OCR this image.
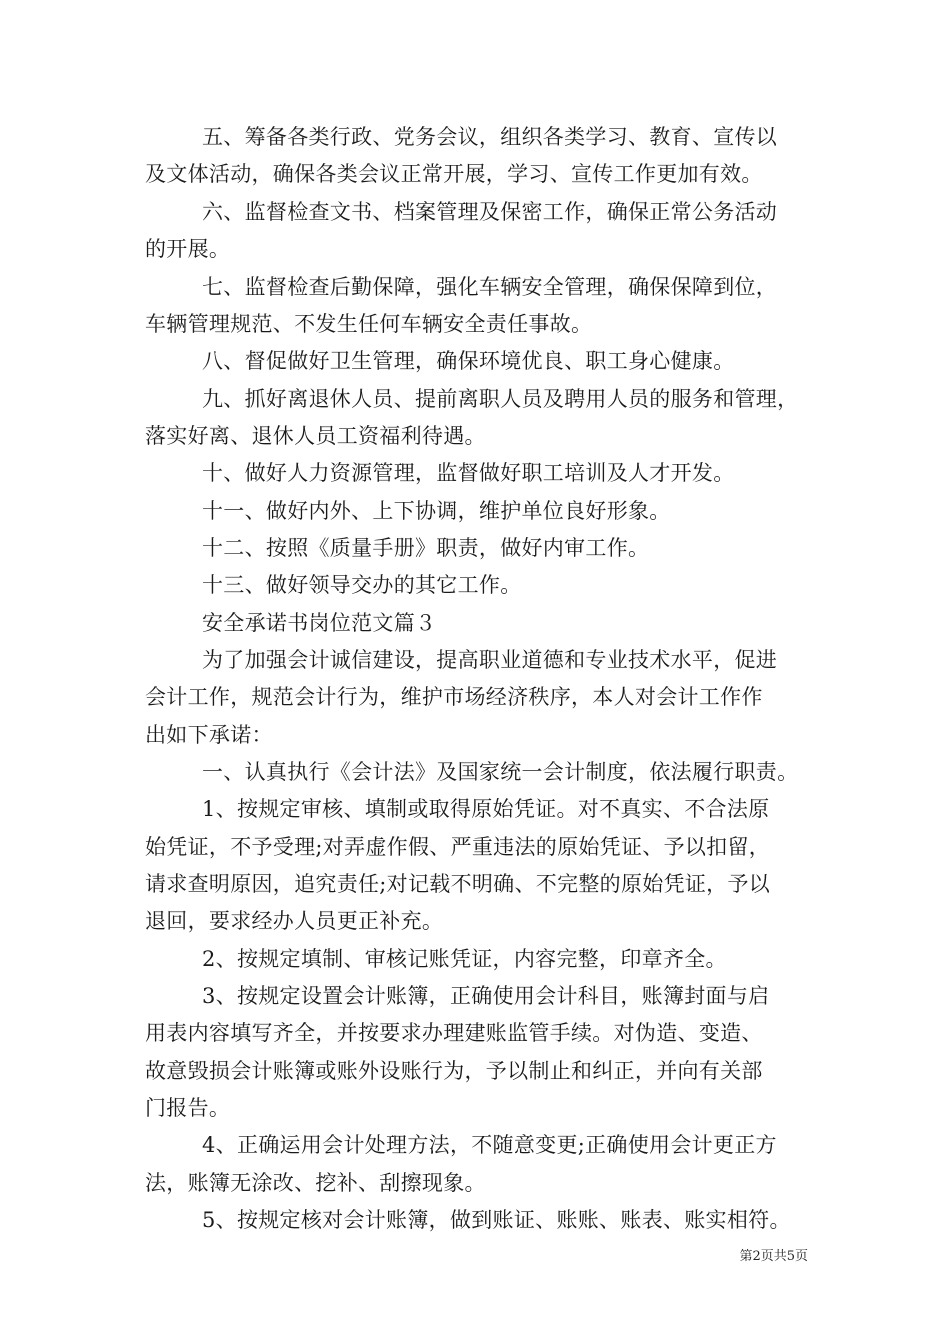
五、筹备各类行政、党务会议，组织各类学习、教育、宣传以
及文体活动，确保各类会议正常开展，学习、宣传工作更加有效。
六、监督检查文书、档案管理及保密工作，确保正常公务活动
的开展。
七、监督检查后勤保障，强化车辆安全管理，确保保障到位，
车辆管理规范、不发生任何车辆安全责任事故。
八、督促做好卫生管理，确保环境优良、职工身心健康。
九、抓好离退休人员、提前离职人员及聘用人员的服务和管理，
落实好离、退休人员工资福利待遇。
十、做好人力资源管理，监督做好职工培训及人才开发。
十一、做好内外、上下协调，维护单位良好形象。
十二、按照《质量手册》职责，做好内审工作。
十三、做好领导交办的其它工作。
安全承诺书岗位范文篇３
为了加强会计诚信建设，提高职业道德和专业技术水平，促进
会计工作，规范会计行为，维护市场经济秩序，本人对会计工作作
出如下承诺：
一、认真执行《会计法》及国家统一会计制度，依法履行职责。
1、按规定审核、填制或取得原始凭证。对不真实、不合法原
始凭证，不予受理;对弄虚作假、严重违法的原始凭证、予以扣留，
请求查明原因，追究责任;对记载不明确、不完整的原始凭证，予以
退回，要求经办人员更正补充。
2、按规定填制、审核记账凭证，内容完整，印章齐全。
3、按规定设置会计账簿，正确使用会计科目，账簿封面与启
用表内容填写齐全，并按要求办理建账监管手续。对伪造、变造、
故意毁损会计账簿或账外设账行为，予以制止和纠正，并向有关部
门报告。
4、正确运用会计处理方法，不随意变更;正确使用会计更正方
法，账簿无涂改、挖补、刮擦现象。
5、按规定核对会计账簿，做到账证、账账、账表、账实相符。
第2页共5页
